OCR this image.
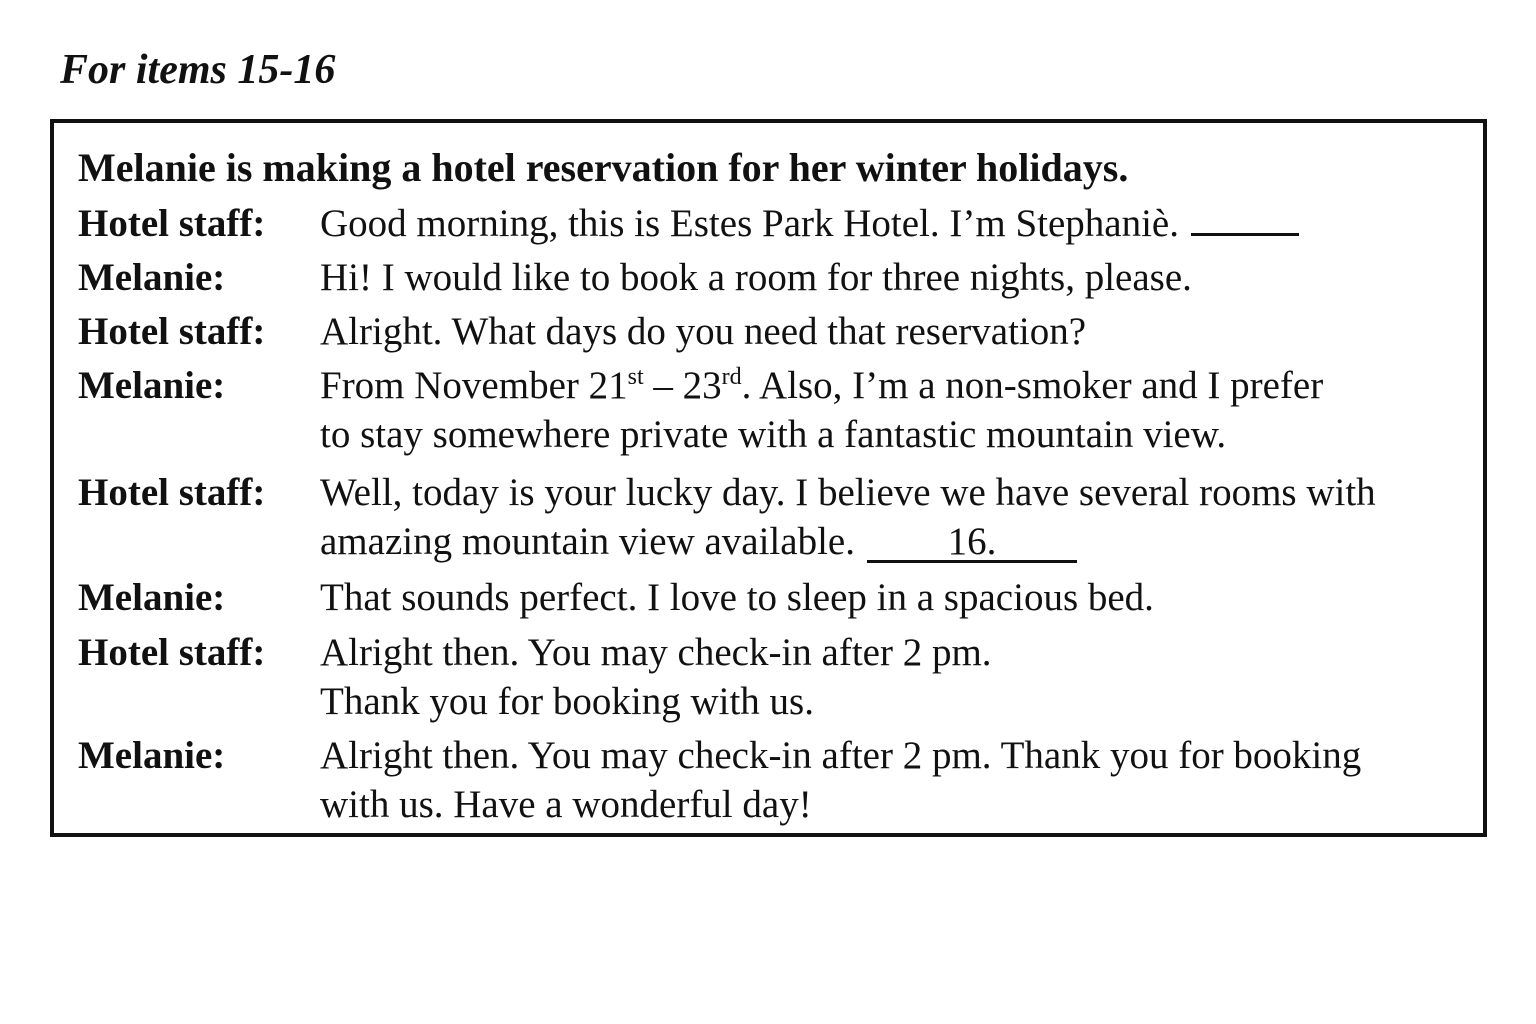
For items 15-16
Melanie is making a hotel reservation for her winter holidays.
Hotel staff: Good morning, this is Estes Park Hotel. I’m Stephaniè.
Melanie: Hi! I would like to book a room for three nights, please.
Hotel staff: Alright. What days do you need that reservation?
Melanie: From November 21st – 23rd. Also, I’m a non-smoker and I prefer
to stay somewhere private with a fantastic mountain view.
Hotel staff: Well, today is your lucky day. I believe we have several rooms with
amazing mountain view available. 16.
Melanie: That sounds perfect. I love to sleep in a spacious bed.
Hotel staff: Alright then. You may check-in after 2 pm.
Thank you for booking with us.
Melanie: Alright then. You may check-in after 2 pm. Thank you for booking
with us. Have a wonderful day!
